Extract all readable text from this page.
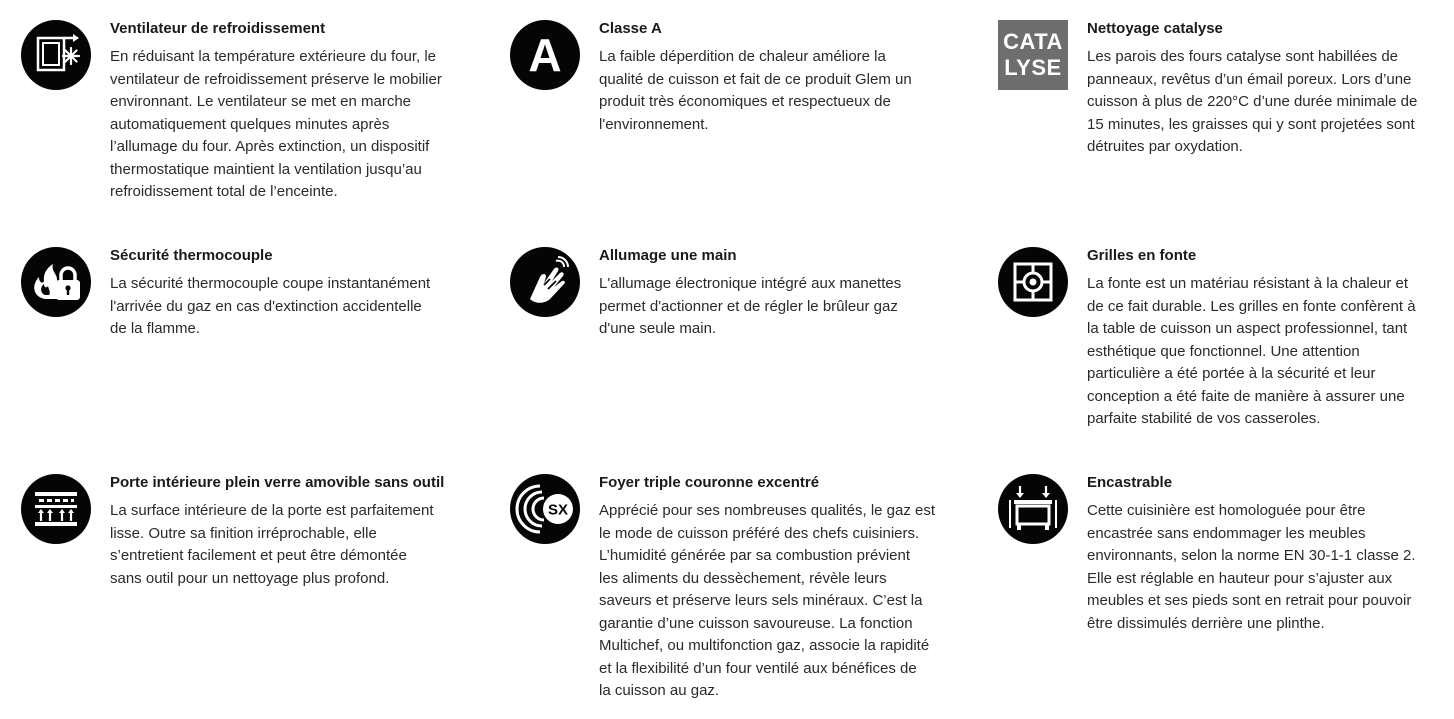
Ventilateur de refroidissement

En réduisant la température extérieure du four, le
ventilateur de refroidissement préserve le mobilier
environnant. Le ventilateur se met en marche
automatiquement quelques minutes après
l’allumage du four. Après extinction, un dispositif
thermostatique maintient la ventilation jusqu’au
refroidissement total de l’enceinte.

A

Classe A

La faible déperdition de chaleur améliore la
qualité de cuisson et fait de ce produit Glem un
produit très économiques et respectueux de
l'environnement.

CATA
LYSE

Nettoyage catalyse

Les parois des fours catalyse sont habillées de
panneaux, revêtus d’un émail poreux. Lors d’une
cuisson à plus de 220°C d’une durée minimale de
15 minutes, les graisses qui y sont projetées sont
détruites par oxydation.

Sécurité thermocouple

La sécurité thermocouple coupe instantanément
l'arrivée du gaz en cas d'extinction accidentelle
de la flamme.

Allumage une main

L'allumage électronique intégré aux manettes
permet d'actionner et de régler le brûleur gaz
d'une seule main.

Grilles en fonte

La fonte est un matériau résistant à la chaleur et
de ce fait durable. Les grilles en fonte confèrent à
la table de cuisson un aspect professionnel, tant
esthétique que fonctionnel. Une attention
particulière a été portée à la sécurité et leur
conception a été faite de manière à assurer une
parfaite stabilité de vos casseroles.

Porte intérieure plein verre amovible sans outil

La surface intérieure de la porte est parfaitement
lisse. Outre sa finition irréprochable, elle
s’entretient facilement et peut être démontée
sans outil pour un nettoyage plus profond.

SX

Foyer triple couronne excentré

Apprécié pour ses nombreuses qualités, le gaz est
le mode de cuisson préféré des chefs cuisiniers.
L’humidité générée par sa combustion prévient
les aliments du dessèchement, révèle leurs
saveurs et préserve leurs sels minéraux. C’est la
garantie d’une cuisson savoureuse. La fonction
Multichef, ou multifonction gaz, associe la rapidité
et la flexibilité d’un four ventilé aux bénéfices de
la cuisson au gaz.

Encastrable

Cette cuisinière est homologuée pour être
encastrée sans endommager les meubles
environnants, selon la norme EN 30-1-1 classe 2.
Elle est réglable en hauteur pour s’ajuster aux
meubles et ses pieds sont en retrait pour pouvoir
être dissimulés derrière une plinthe.
